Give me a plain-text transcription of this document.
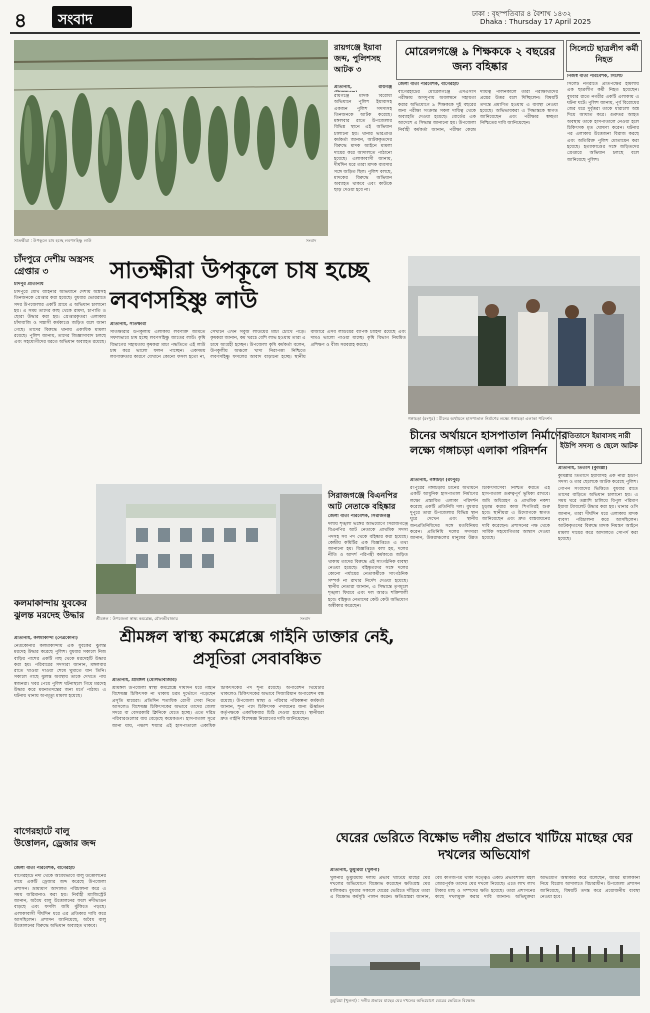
৪ সংবাদ	ঢাকা : বৃহস্পতিবার ৪ বৈশাখ ১৪৩২
Dhaka : Thursday 17 April 2025
সাতক্ষীরা : উপকূলে চাষ হচ্ছে লবণসহিষ্ণু লাউ	সংবাদ
রায়গঞ্জে ইয়াবা জব্দ, পুলিশসহ আটক ৩
প্রতিনিধি, রায়গঞ্জ
রায়গঞ্জে মাদক বিরোধী অভিযানে পুলিশ ইয়াবাসহ একজন পুলিশ সদস্যসহ তিনজনকে আটক করেছে। মঙ্গলবার রাতে উপজেলার বিভিন্ন স্থানে এই অভিযান চালানো হয়। থানার ভারপ্রাপ্ত কর্মকর্তা জানান, আটককৃতদের বিরুদ্ধে মাদক আইনে মামলা দায়ের করে আদালতে পাঠানো হয়েছে। এলাকাবাসী জানায়, দীর্ঘদিন ধরে তারা মাদক ব্যবসার সঙ্গে জড়িত ছিল। পুলিশ বলছে, মাদকের বিরুদ্ধে অভিযান অব্যাহত থাকবে এবং কাউকে ছাড় দেওয়া হবে না।
মোরেলগঞ্জে ৯ শিক্ষককে ২ বছরের জন্য বহিষ্কার
জেলা বার্তা পরিবেশক, বাগেরহাট
বাগেরহাটের মোরেলগঞ্জে এসএসসি পরীক্ষায় অসদুপায় অবলম্বনে সহায়তা করার অভিযোগে ৯ শিক্ষককে দুই বছরের জন্য পরীক্ষা সংক্রান্ত সকল দায়িত্ব থেকে অব্যাহতি দেওয়া হয়েছে। বোর্ডের এক আদেশে এ সিদ্ধান্ত জানানো হয়। উপজেলা নির্বাহী কর্মকর্তা জানান, পরীক্ষা কেন্দ্রে দায়িত্ব পালনকালে তারা পরীক্ষার্থীদের প্রশ্নের উত্তর বলে দিচ্ছিলেন। বিষয়টি তদন্তে প্রমাণিত হওয়ায় এ ব্যবস্থা নেওয়া হয়েছে। অভিভাবকরা এ সিদ্ধান্তকে স্বাগত জানিয়েছেন এবং পরীক্ষার স্বচ্ছতা নিশ্চিতের দাবি জানিয়েছেন।
সিলেটে ছাত্রলীগ কর্মী নিহত
নিজস্ব বার্তা পরিবেশক, সিলেট
সিলেট নগরীতে প্রতিপক্ষের হামলায় এক ছাত্রলীগ কর্মী নিহত হয়েছেন। বুধবার রাতে নগরীর একটি এলাকায় এ ঘটনা ঘটে। পুলিশ জানায়, পূর্ব বিরোধের জের ধরে দুর্বৃত্তরা তাকে ধারালো অস্ত্র দিয়ে আঘাত করে। গুরুতর আহত অবস্থায় তাকে হাসপাতালে নেওয়া হলে চিকিৎসক মৃত ঘোষণা করেন। ঘটনার পর এলাকায় উত্তেজনা বিরাজ করছে এবং অতিরিক্ত পুলিশ মোতায়েন করা হয়েছে। হত্যাকাণ্ডের সঙ্গে জড়িতদের গ্রেপ্তারে অভিযান চলছে বলে জানিয়েছে পুলিশ।
গঙ্গাচড়া (রংপুর) : চীনের অর্থায়নে হাসপাতাল নির্মাণের লক্ষ্যে গঙ্গাচড়া এলাকা পরিদর্শন
সাতক্ষীরা উপকূলে চাষ হচ্ছে লবণসহিষ্ণু লাউ
প্রতিনিধি, সাতক্ষীরা
সাতক্ষীরার উপকূলীয় এলাকায় লবণাক্ত জমিতে সফলভাবে চাষ হচ্ছে লবণসহিষ্ণু জাতের লাউ। কৃষি বিভাগের সহায়তায় কৃষকরা মাচা পদ্ধতিতে এই লাউ চাষ করে ভালো ফলন পাচ্ছেন। একসময় লবণাক্ততার কারণে যেখানে কোনো ফসল হতো না, সেখানে এখন সবুজ লাউয়ের মাচা চোখে পড়ে। কৃষকরা জানান, কম খরচে বেশি লাভ হওয়ায় তারা এ চাষে আগ্রহী হচ্ছেন। উপজেলা কৃষি কর্মকর্তা বলেন, উপকূলীয় অঞ্চলে খাদ্য নিরাপত্তা নিশ্চিতে লবণসহিষ্ণু ফসলের আবাদ বাড়ানো হচ্ছে। স্থানীয় বাজারে এসব লাউয়ের ব্যাপক চাহিদা রয়েছে এবং দামও ভালো পাওয়া যাচ্ছে। কৃষি বিভাগ নিয়মিত প্রশিক্ষণ ও বীজ সরবরাহ করছে।
চাঁদপুরে দেশীয় অস্ত্রসহ গ্রেপ্তার ৩
চাঁদপুর প্রতিনিধি
চাঁদপুরে যৌথ বাহিনীর অভিযানে দেশীয় অস্ত্রসহ তিনজনকে গ্রেপ্তার করা হয়েছে। বুধবার ভোররাতে সদর উপজেলার একটি গ্রামে এ অভিযান চালানো হয়। এ সময় তাদের কাছ থেকে রামদা, চাপাতি ও ছোরা উদ্ধার করা হয়। গ্রেপ্তারকৃতরা এলাকায় চাঁদাবাজি ও সন্ত্রাসী কর্মকাণ্ডে জড়িত বলে জানা গেছে। তাদের বিরুদ্ধে থানায় একাধিক মামলা রয়েছে। পুলিশ জানায়, তাদের জিজ্ঞাসাবাদ চলছে এবং সহযোগীদের ধরতে অভিযান অব্যাহত রয়েছে।
কলমাকান্দায় যুবকের ঝুলন্ত মরদেহ উদ্ধার
প্রতিনিধি, কলমাকান্দা (নেত্রকোনা)
নেত্রকোনার কলমাকান্দায় এক যুবকের ঝুলন্ত মরদেহ উদ্ধার করেছে পুলিশ। বুধবার সকালে নিজ বাড়ির পাশের একটি গাছ থেকে মরদেহটি উদ্ধার করা হয়। পরিবারের সদস্যরা জানান, মঙ্গলবার রাতে খাওয়া দাওয়া শেষে ঘুমাতে যান তিনি। সকালে গাছে ঝুলন্ত অবস্থায় তাকে দেখতে পায় স্বজনরা। খবর পেয়ে পুলিশ ঘটনাস্থলে গিয়ে মরদেহ উদ্ধার করে ময়নাতদন্তের জন্য মর্গে পাঠায়। এ ঘটনায় থানায় অপমৃত্যু মামলা হয়েছে।
বাগেরহাটে বালু উত্তোলন, ড্রেজার জব্দ
জেলা বার্তা পরিবেশক, বাগেরহাট
বাগেরহাটে নদী থেকে অবৈধভাবে বালু উত্তোলনের দায়ে একটি ড্রেজার জব্দ করেছে উপজেলা প্রশাসন। ভ্রাম্যমাণ আদালত পরিচালনা করে এ সময় জরিমানাও করা হয়। নির্বাহী ম্যাজিস্ট্রেট জানান, অবৈধ বালু উত্তোলনের ফলে নদীভাঙন বাড়ছে এবং ফসলি জমি ঝুঁকিতে পড়ছে। এলাকাবাসী দীর্ঘদিন ধরে এর প্রতিকার দাবি করে আসছিলেন। প্রশাসন জানিয়েছে, অবৈধ বালু উত্তোলনের বিরুদ্ধে অভিযান অব্যাহত থাকবে।
শ্রীমঙ্গল : উপজেলা স্বাস্থ্য কমপ্লেক্স, মৌলভীবাজার	সংবাদ
শ্রীমঙ্গল স্বাস্থ্য কমপ্লেক্সে গাইনি ডাক্তার নেই, প্রসূতিরা সেবাবঞ্চিত
প্রতিনিধি, শ্রীমঙ্গল (মৌলভীবাজার)
শ্রীমঙ্গল উপজেলা স্বাস্থ্য কমপ্লেক্সে দীর্ঘদিন ধরে গাইনি বিশেষজ্ঞ চিকিৎসক না থাকায় চরম দুর্ভোগে পড়েছেন প্রসূতি মায়েরা। প্রতিদিন শতাধিক রোগী সেবা নিতে আসলেও বিশেষজ্ঞ চিকিৎসকের অভাবে তাদের জেলা সদরে বা বেসরকারি ক্লিনিকে যেতে হচ্ছে। এতে দরিদ্র পরিবারগুলোর ব্যয় বেড়েছে কয়েকগুণ। হাসপাতাল সূত্রে জানা যায়, পঞ্চাশ শয্যার এই হাসপাতালে একাধিক চিকিৎসকের পদ শূন্য রয়েছে। অপারেশন থিয়েটার থাকলেও চিকিৎসকের অভাবে সিজারিয়ান অপারেশন বন্ধ রয়েছে। উপজেলা স্বাস্থ্য ও পরিবার পরিকল্পনা কর্মকর্তা জানান, শূন্য পদে চিকিৎসক পদায়নের জন্য ঊর্ধ্বতন কর্তৃপক্ষকে একাধিকবার চিঠি দেওয়া হয়েছে। স্থানীয়রা দ্রুত গাইনি বিশেষজ্ঞ নিয়োগের দাবি জানিয়েছেন।
সিরাজগঞ্জে বিএনপির আট নেতাকে বহিষ্কার
জেলা বার্তা পরিবেশক, সিরাজগঞ্জ
দলীয় শৃঙ্খলা ভঙ্গের অভিযোগে সিরাজগঞ্জে বিএনপির আট নেতাকে প্রাথমিক সদস্য পদসহ সব পদ থেকে বহিষ্কার করা হয়েছে। কেন্দ্রীয় কমিটির এক বিজ্ঞপ্তিতে এ তথ্য জানানো হয়। বিজ্ঞপ্তিতে বলা হয়, দলের নীতি ও আদর্শ পরিপন্থী কর্মকাণ্ডে জড়িত থাকায় তাদের বিরুদ্ধে এই সাংগঠনিক ব্যবস্থা নেওয়া হয়েছে। বহিষ্কৃতদের সঙ্গে দলের কোনো পর্যায়ের নেতাকর্মীকে সাংগঠনিক সম্পর্ক না রাখার নির্দেশ দেওয়া হয়েছে। স্থানীয় নেতারা জানান, এ সিদ্ধান্তে তৃণমূলে শৃঙ্খলা ফিরবে এবং দল আরও শক্তিশালী হবে। বহিষ্কৃত নেতাদের কেউ কেউ অভিযোগ অস্বীকার করেছেন।
চীনের অর্থায়নে হাসপাতাল নির্মাণের লক্ষ্যে গঙ্গাচড়া এলাকা পরিদর্শন
প্রতিনিধি, গঙ্গাচড়া (রংপুর)
রংপুরের গঙ্গাচড়ায় চীনের অর্থায়নে একটি আধুনিক হাসপাতাল নির্মাণের লক্ষ্যে প্রস্তাবিত এলাকা পরিদর্শন করেছে একটি প্রতিনিধি দল। বুধবার দুপুরে তারা উপজেলার বিভিন্ন স্থান ঘুরে দেখেন এবং স্থানীয় জনপ্রতিনিধিদের সঙ্গে মতবিনিময় করেন। প্রতিনিধি দলের সদস্যরা জানান, উত্তরাঞ্চলের মানুষের উন্নত চিকিৎসাসেবা নিশ্চিত করতে এই হাসপাতাল গুরুত্বপূর্ণ ভূমিকা রাখবে। জমি অধিগ্রহণ ও প্রাথমিক নকশা চূড়ান্ত করার কাজ শিগগিরই শুরু হবে। স্থানীয়রা এ উদ্যোগকে স্বাগত জানিয়েছেন এবং দ্রুত বাস্তবায়নের দাবি করেছেন। প্রশাসনের পক্ষ থেকে সার্বিক সহযোগিতার আশ্বাস দেওয়া হয়েছে।
তিতাসে ইয়াবাসহ নারী ইউপি সদস্য ও ছেলে আটক
প্রতিনিধি, তিতাস (কুমিল্লা)
কুমিল্লার তিতাসে ইয়াবাসহ এক নারী ইউপি সদস্য ও তার ছেলেকে আটক করেছে পুলিশ। গোপন সংবাদের ভিত্তিতে বুধবার রাতে তাদের বাড়িতে অভিযান চালানো হয়। এ সময় ঘরে তল্লাশি চালিয়ে বিপুল পরিমাণ ইয়াবা ট্যাবলেট উদ্ধার করা হয়। থানার ওসি জানান, তারা দীর্ঘদিন ধরে এলাকায় মাদক ব্যবসা পরিচালনা করে আসছিলেন। আটককৃতদের বিরুদ্ধে মাদক নিয়ন্ত্রণ আইনে মামলা দায়ের করে আদালতে সোপর্দ করা হয়েছে।
ঘেরের ভেরিতে বিক্ষোভ দলীয় প্রভাবে খাটিয়ে মাছের ঘের দখলের অভিযোগ
প্রতিনিধি, ডুমুরিয়া (খুলনা)
খুলনার ডুমুরিয়ায় দলীয় প্রভাব খাটিয়ে মাছের ঘের দখলের অভিযোগে বিক্ষোভ করেছেন ক্ষতিগ্রস্ত ঘের মালিকরা। বুধবার সকালে ঘেরের ভেরিতে দাঁড়িয়ে তারা এ বিক্ষোভ কর্মসূচি পালন করেন। ক্ষতিগ্রস্তরা জানান, বৈধ কাগজপত্র থাকা সত্ত্বেও একটি প্রভাবশালী মহল জোরপূর্বক তাদের ঘের দখলে নিয়েছে। এতে লাখ লাখ টাকার মাছ ও সম্পদের ক্ষতি হয়েছে। তারা প্রশাসনের কাছে দখলমুক্ত করার দাবি জানান। অভিযুক্তরা অভিযোগ অস্বীকার করে বলেছেন, জমির মালিকানা নিয়ে বিরোধ আদালতে বিচারাধীন। উপজেলা প্রশাসন জানিয়েছে, বিষয়টি তদন্ত করে প্রয়োজনীয় ব্যবস্থা নেওয়া হবে।
ডুমুরিয়া (খুলনা) : দলীয় প্রভাবে মাছের ঘের দখলের অভিযোগে ঘেরের ভেরিতে বিক্ষোভ
